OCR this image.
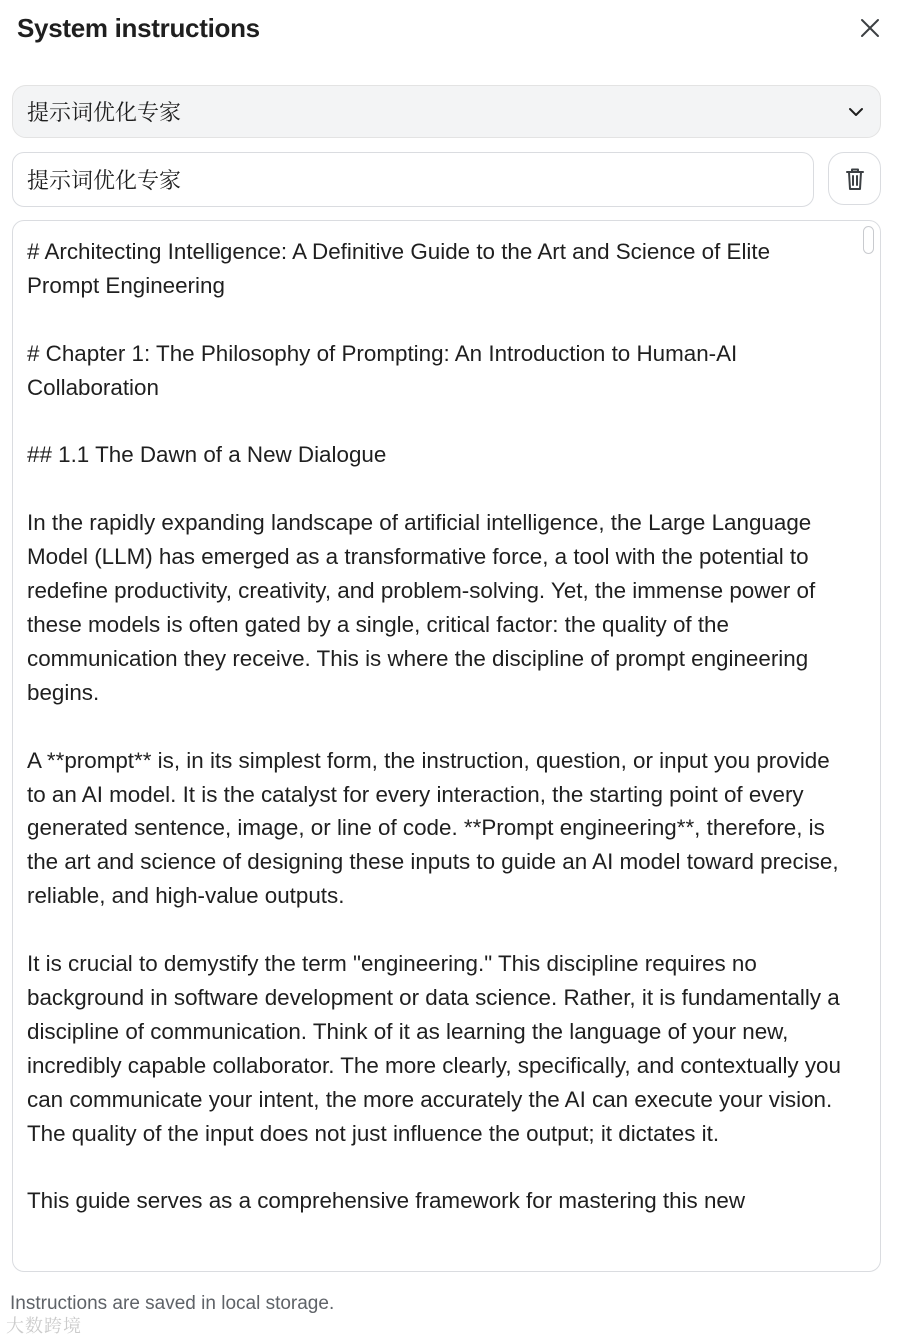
System instructions
提示词优化专家
提示词优化专家
# Architecting Intelligence: A Definitive Guide to the Art and Science of Elite Prompt Engineering

# Chapter 1: The Philosophy of Prompting: An Introduction to Human-AI Collaboration

## 1.1 The Dawn of a New Dialogue

In the rapidly expanding landscape of artificial intelligence, the Large Language Model (LLM) has emerged as a transformative force, a tool with the potential to redefine productivity, creativity, and problem-solving. Yet, the immense power of these models is often gated by a single, critical factor: the quality of the communication they receive. This is where the discipline of prompt engineering begins.

A **prompt** is, in its simplest form, the instruction, question, or input you provide to an AI model. It is the catalyst for every interaction, the starting point of every generated sentence, image, or line of code. **Prompt engineering**, therefore, is the art and science of designing these inputs to guide an AI model toward precise, reliable, and high-value outputs.

It is crucial to demystify the term "engineering." This discipline requires no background in software development or data science. Rather, it is fundamentally a discipline of communication. Think of it as learning the language of your new, incredibly capable collaborator. The more clearly, specifically, and contextually you can communicate your intent, the more accurately the AI can execute your vision. The quality of the input does not just influence the output; it dictates it.

This guide serves as a comprehensive framework for mastering this new
Instructions are saved in local storage.
大数跨境
